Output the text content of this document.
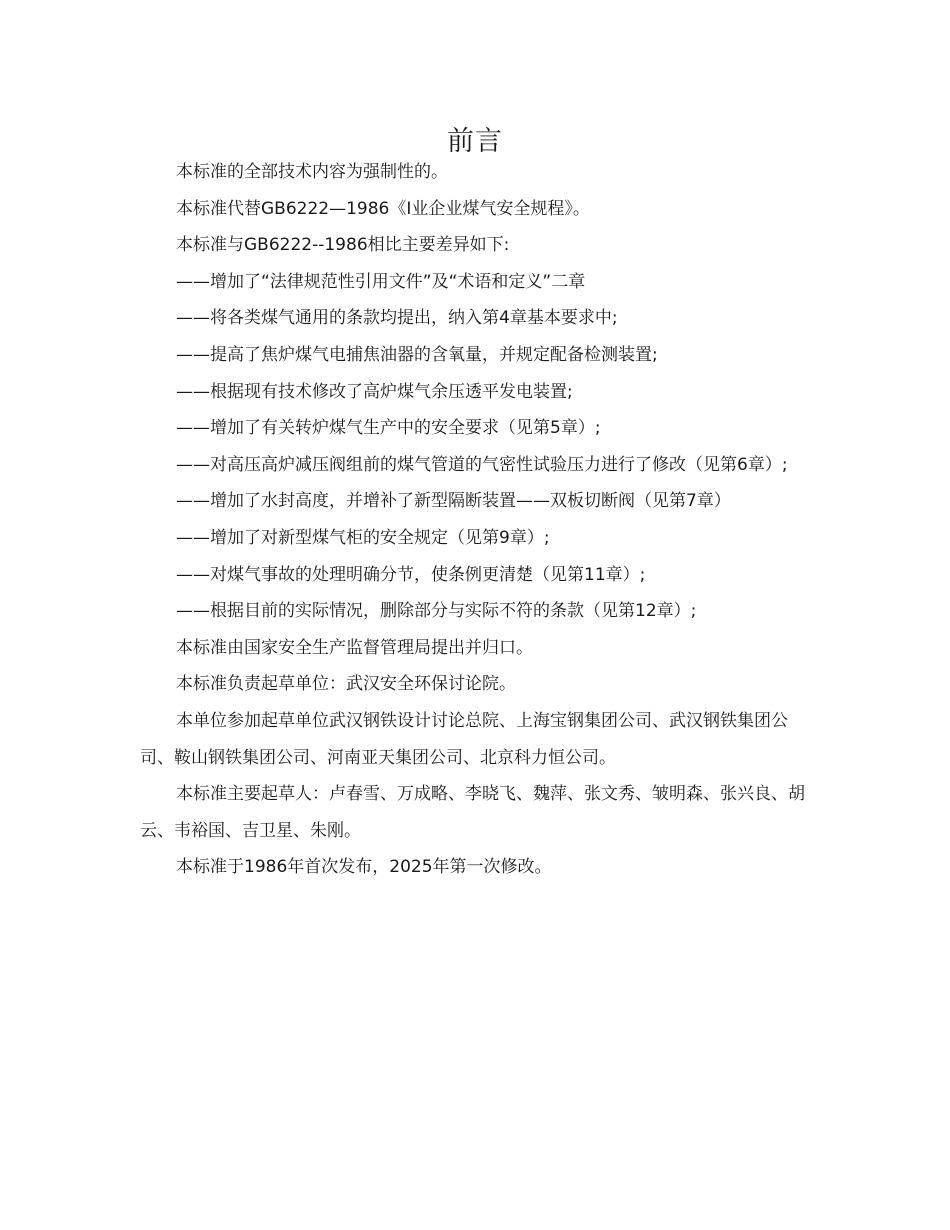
前言

本标准的全部技术内容为强制性的。

本标准代替GB6222—1986《I业企业煤气安全规程》。

本标准与GB6222--1986相比主要差异如下:

——增加了“法律规范性引用文件”及“术语和定义”二章

——将各类煤气通用的条款均提出，纳入第4章基本要求中;

——提高了焦炉煤气电捕焦油器的含氧量，并规定配备检测装置;

——根据现有技术修改了高炉煤气余压透平发电装置;

——增加了有关转炉煤气生产中的安全要求（见第5章）;

——对高压高炉减压阀组前的煤气管道的气密性试验压力进行了修改（见第6章）;

——增加了水封高度，并增补了新型隔断装置——双板切断阀（见第7章）

——增加了对新型煤气柜的安全规定（见第9章）;

——对煤气事故的处理明确分节，使条例更清楚（见第11章）;

——根据目前的实际情况，删除部分与实际不符的条款（见第12章）;

本标准由国家安全生产监督管理局提出并归口。

本标准负责起草单位：武汉安全环保讨论院。

本单位参加起草单位武汉钢铁设计讨论总院、上海宝钢集团公司、武汉钢铁集团公司、鞍山钢铁集团公司、河南亚天集团公司、北京科力恒公司。

本标准主要起草人：卢春雪、万成略、李晓飞、魏萍、张文秀、皱明森、张兴良、胡云、韦裕国、吉卫星、朱刚。

本标准于1986年首次发布，2025年第一次修改。
